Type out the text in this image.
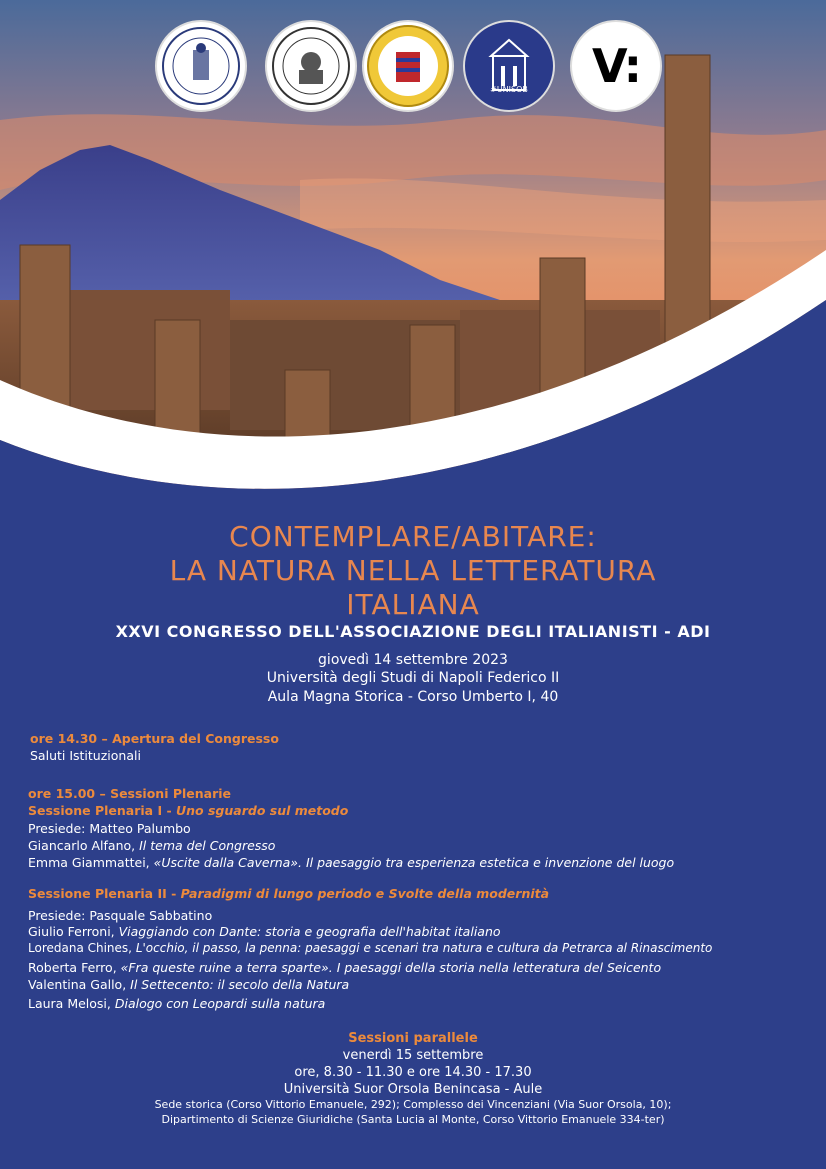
#UNISOB	V:
CONTEMPLARE/ABITARE:
LA NATURA NELLA LETTERATURA
ITALIANA
XXVI CONGRESSO DELL'ASSOCIAZIONE DEGLI ITALIANISTI - ADI
giovedì 14 settembre 2023
Università degli Studi di Napoli Federico II
Aula Magna Storica - Corso Umberto I, 40
ore 14.30 – Apertura del Congresso
Saluti Istituzionali
ore 15.00 – Sessioni Plenarie
Sessione Plenaria I - Uno sguardo sul metodo
Presiede: Matteo Palumbo
Giancarlo Alfano, Il tema del Congresso
Emma Giammattei, «Uscite dalla Caverna». Il paesaggio tra esperienza estetica e invenzione del luogo
Sessione Plenaria II - Paradigmi di lungo periodo e Svolte della modernità
Presiede: Pasquale Sabbatino
Giulio Ferroni, Viaggiando con Dante: storia e geografia dell'habitat italiano
Loredana Chines, L'occhio, il passo, la penna: paesaggi e scenari tra natura e cultura da Petrarca al Rinascimento
Roberta Ferro, «Fra queste ruine a terra sparte». I paesaggi della storia nella letteratura del Seicento
Valentina Gallo, Il Settecento: il secolo della Natura
Laura Melosi, Dialogo con Leopardi sulla natura
Sessioni parallele
venerdì 15 settembre
ore, 8.30 - 11.30 e ore 14.30 - 17.30
Università Suor Orsola Benincasa - Aule
Sede storica (Corso Vittorio Emanuele, 292); Complesso dei Vincenziani (Via Suor Orsola, 10);
Dipartimento di Scienze Giuridiche (Santa Lucia al Monte, Corso Vittorio Emanuele 334-ter)
